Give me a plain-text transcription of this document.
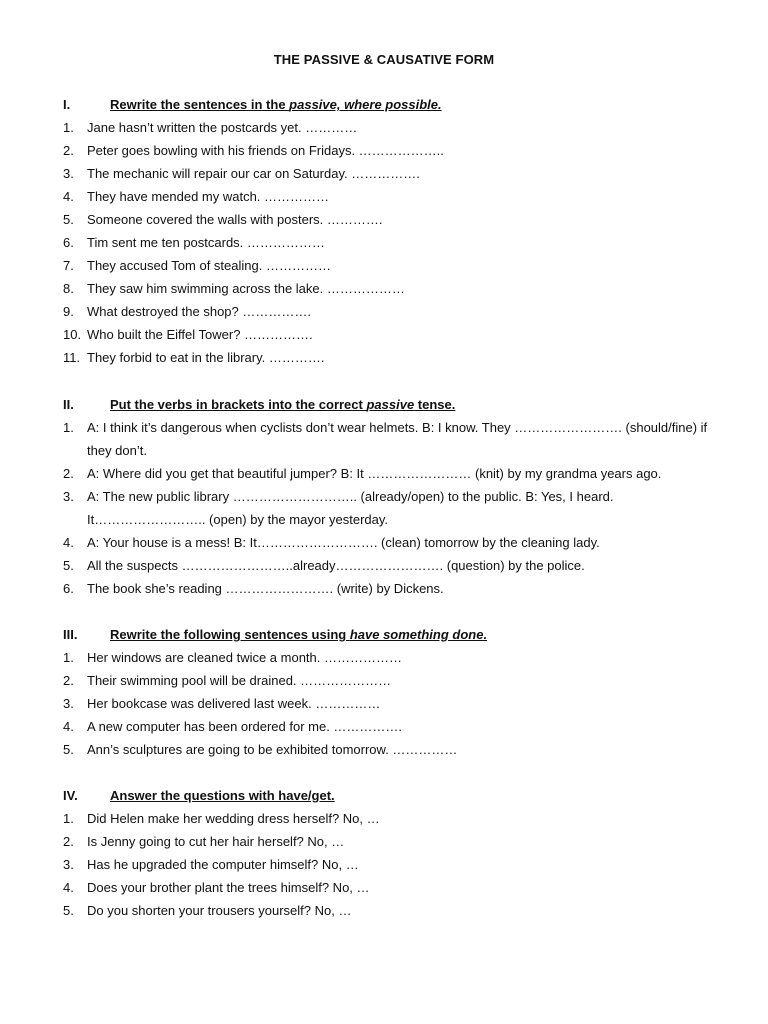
THE PASSIVE & CAUSATIVE FORM
I.	Rewrite the sentences in the passive, where possible.
1.	Jane hasn’t written the postcards yet. …………
2.	Peter goes bowling with his friends on Fridays. ………………..
3.	The mechanic will repair our car on Saturday. …………….
4.	They have mended my watch. ……………
5.	Someone covered the walls with posters. ………….
6.	Tim sent me ten postcards. ………………
7.	They accused Tom of stealing. ……………
8.	They saw him swimming across the lake. ………………
9.	What destroyed the shop? …………….
10. Who built the Eiffel Tower? …………….
11. They forbid to eat in the library. ………….
II.	Put the verbs in brackets into the correct passive tense.
1.	A: I think it’s dangerous when cyclists don’t wear helmets. B: I know. They ……………………. (should/fine) if they don’t.
2.	A: Where did you get that beautiful jumper? B: It …………………… (knit) by my grandma years ago.
3.	A: The new public library ……………………….. (already/open) to the public. B: Yes, I heard. It…………………….. (open) by the mayor yesterday.
4.	A: Your house is a mess! B: It………………………. (clean) tomorrow by the cleaning lady.
5.	All the suspects ……………………..already……………………. (question) by the police.
6.	The book she’s reading ……………………. (write) by Dickens.
III.	Rewrite the following sentences using have something done.
1.	Her windows are cleaned twice a month. ………………
2.	Their swimming pool will be drained. …………………
3.	Her bookcase was delivered last week. ……………
4.	A new computer has been ordered for me. …………….
5.	Ann’s sculptures are going to be exhibited tomorrow. ……………
IV. Answer the questions with have/get.
1.	Did Helen make her wedding dress herself? No, …
2.	Is Jenny going to cut her hair herself? No, …
3.	Has he upgraded the computer himself? No, …
4.	Does your brother plant the trees himself? No, …
5.	Do you shorten your trousers yourself? No, …
